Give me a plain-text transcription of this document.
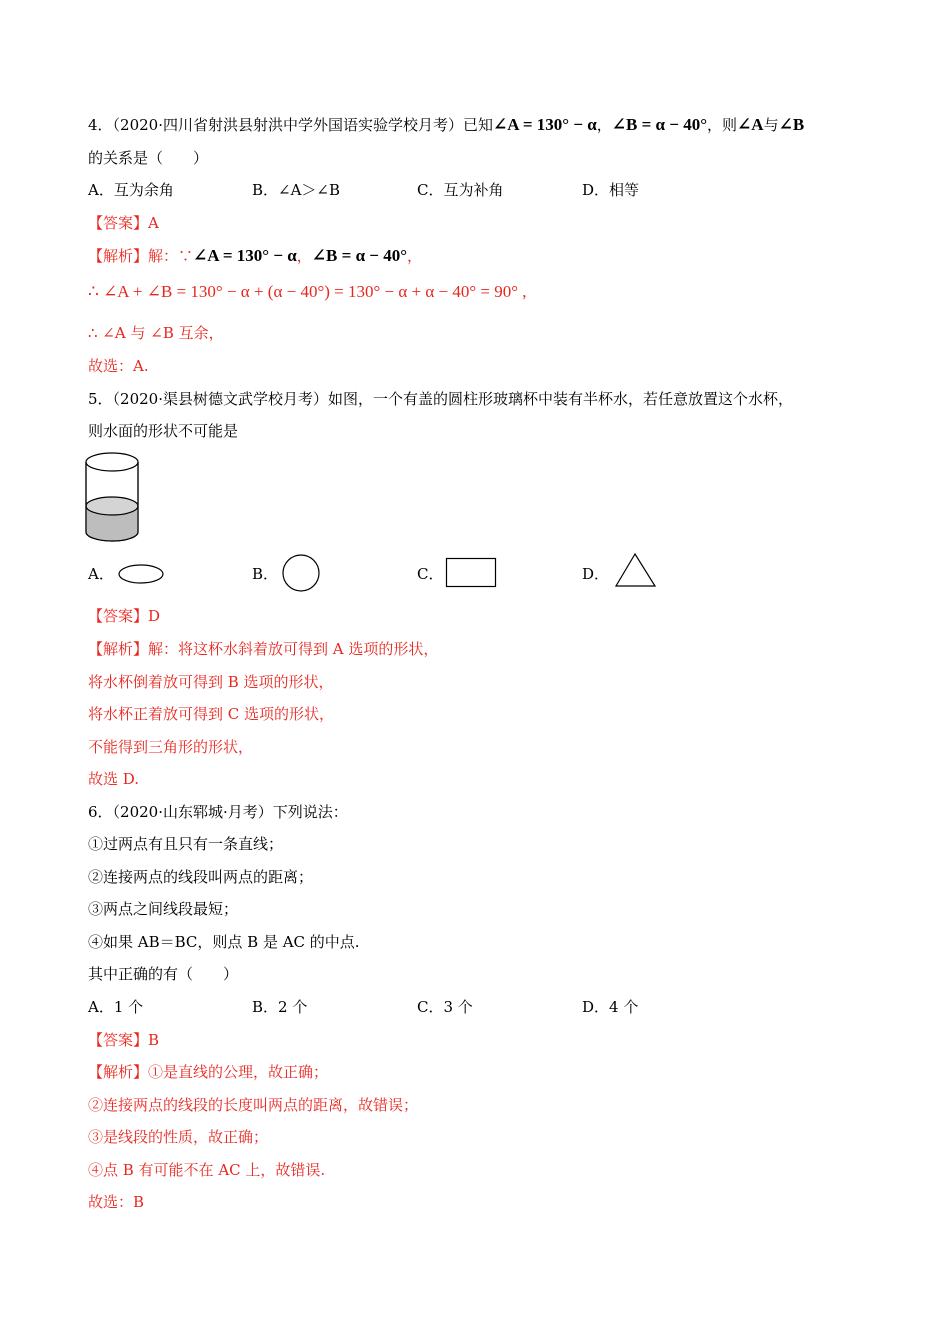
4．（2020·四川省射洪县射洪中学外国语实验学校月考）已知∠A = 130° − α，∠B = α − 40°，则∠A与∠B
的关系是（　　）
A．互为余角	B．∠A＞∠B	C．互为补角	D．相等
【答案】A
【解析】解：∵∠A = 130° − α，∠B = α − 40°，
∴ ∠A + ∠B = 130° − α + (α − 40°) = 130° − α + α − 40° = 90° ,
∴ ∠A 与 ∠B 互余，
故选：A.
5．（2020·渠县树德文武学校月考）如图，一个有盖的圆柱形玻璃杯中装有半杯水，若任意放置这个水杯，
则水面的形状不可能是
A．	B．	C．	D．
【答案】D
【解析】解：将这杯水斜着放可得到 A 选项的形状，
将水杯倒着放可得到 B 选项的形状，
将水杯正着放可得到 C 选项的形状，
不能得到三角形的形状，
故选 D.
6．（2020·山东郓城·月考）下列说法：
①过两点有且只有一条直线；
②连接两点的线段叫两点的距离；
③两点之间线段最短；
④如果 AB＝BC，则点 B 是 AC 的中点.
其中正确的有（　　）
A．1 个	B．2 个	C．3 个	D．4 个
【答案】B
【解析】①是直线的公理，故正确；
②连接两点的线段的长度叫两点的距离，故错误；
③是线段的性质，故正确；
④点 B 有可能不在 AC 上，故错误.
故选：B
